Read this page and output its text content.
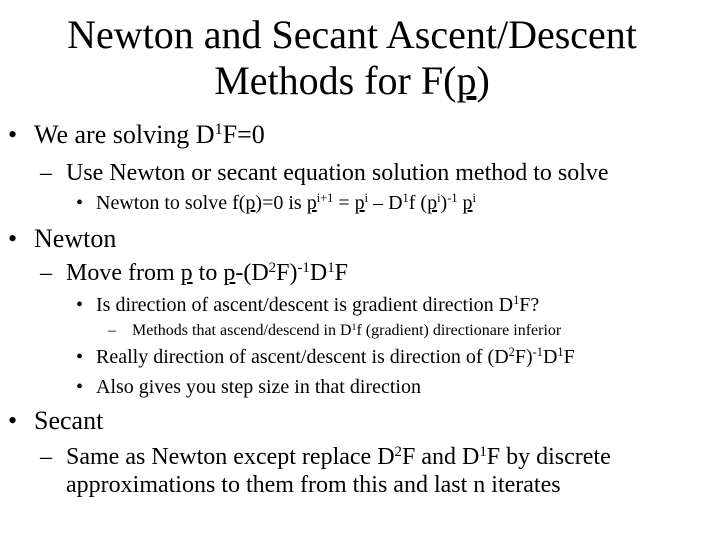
Newton and Secant Ascent/Descent
Methods for F(p)
• We are solving $D^1F=0$
– Use Newton or secant equation solution method to solve
• Newton to solve f(p)=0 is $p^{i+1} = p^i - D^1f$ $(p^i)^{-1}$ $p^i$
• Newton
– Move from p to $p-(D^2F)^{-1}D^1F$
• Is direction of ascent/descent is gradient direction $D^1F$?
– Methods that ascend/descend in $D^1f$ (gradient) directionare inferior
• Really direction of ascent/descent is direction of $(D^2F)^{-1}D^1F$
• Also gives you step size in that direction
• Secant
– Same as Newton except replace $D^2F$ and $D^1F$ by discrete
approximations to them from this and last n iterates
